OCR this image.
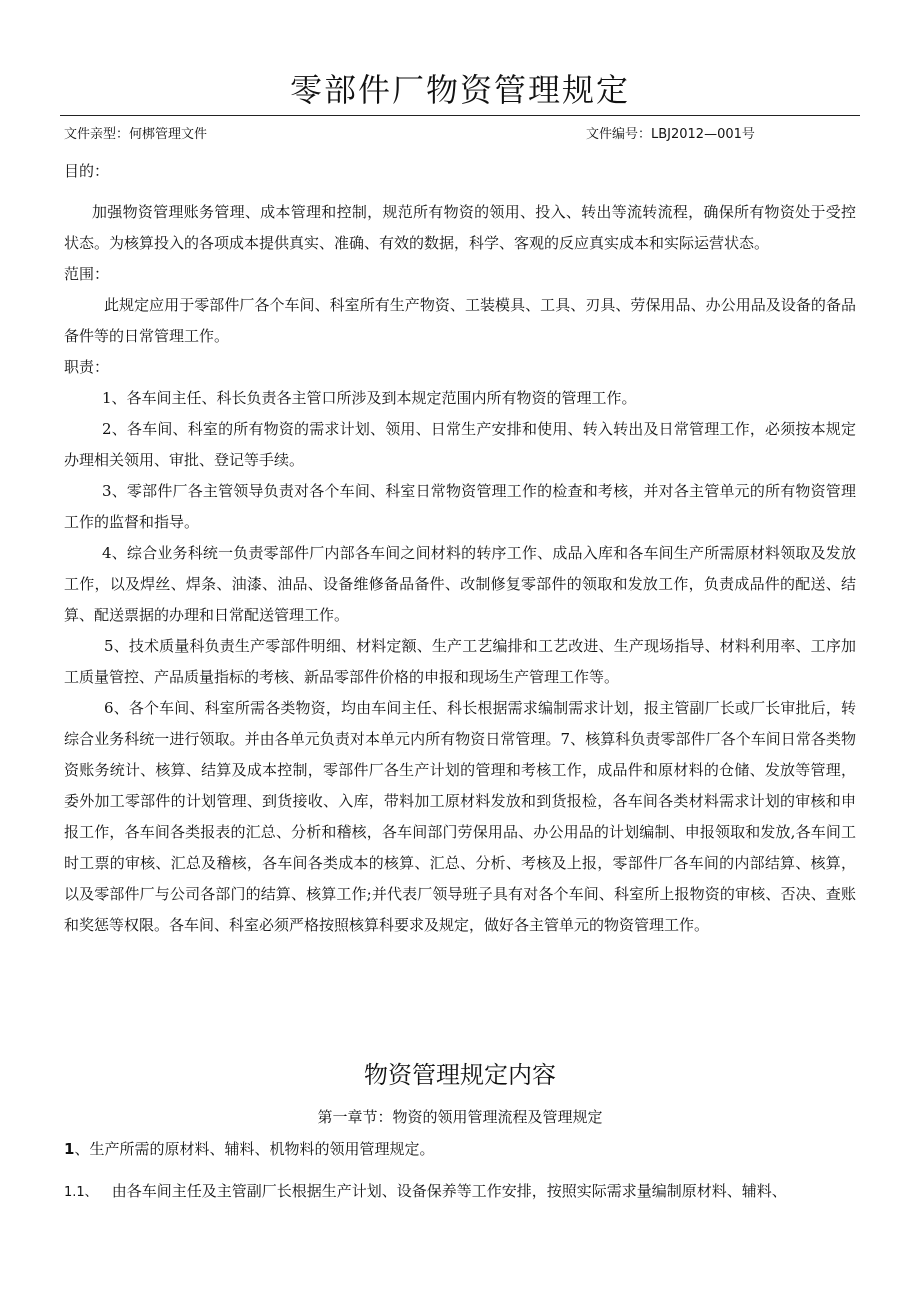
零部件厂物资管理规定
文件亲型：何梆管理文件	文件编号：LBJ2012—001号

目的：

加强物资管理账务管理、成本管理和控制，规范所有物资的领用、投入、转出等流转流程，确保所有物资处于受控状态。为核算投入的各项成本提供真实、准确、有效的数据，科学、客观的反应真实成本和实际运营状态。

范围：

此规定应用于零部件厂各个车间、科室所有生产物资、工装模具、工具、刃具、劳保用品、办公用品及设备的备品备件等的日常管理工作。

职责：

1、各车间主任、科长负责各主管口所涉及到本规定范围内所有物资的管理工作。

2、各车间、科室的所有物资的需求计划、领用、日常生产安排和使用、转入转出及日常管理工作，必须按本规定办理相关领用、审批、登记等手续。

3、零部件厂各主管领导负责对各个车间、科室日常物资管理工作的检查和考核，并对各主管单元的所有物资管理工作的监督和指导。

4、综合业务科统一负责零部件厂内部各车间之间材料的转序工作、成品入库和各车间生产所需原材料领取及发放工作，以及焊丝、焊条、油漆、油品、设备维修备品备件、改制修复零部件的领取和发放工作，负责成品件的配送、结算、配送票据的办理和日常配送管理工作。

5、技术质量科负责生产零部件明细、材料定额、生产工艺编排和工艺改进、生产现场指导、材料利用率、工序加工质量管控、产品质量指标的考核、新品零部件价格的申报和现场生产管理工作等。

6、各个车间、科室所需各类物资，均由车间主任、科长根据需求编制需求计划，报主管副厂长或厂长审批后，转综合业务科统一进行领取。并由各单元负责对本单元内所有物资日常管理。7、核算科负责零部件厂各个车间日常各类物资账务统计、核算、结算及成本控制，零部件厂各生产计划的管理和考核工作，成品件和原材料的仓储、发放等管理，委外加工零部件的计划管理、到货接收、入库，带料加工原材料发放和到货报检，各车间各类材料需求计划的审核和申报工作，各车间各类报表的汇总、分析和稽核，各车间部门劳保用品、办公用品的计划编制、申报领取和发放,各车间工时工票的审核、汇总及稽核，各车间各类成本的核算、汇总、分析、考核及上报，零部件厂各车间的内部结算、核算，以及零部件厂与公司各部门的结算、核算工作;并代表厂领导班子具有对各个车间、科室所上报物资的审核、否决、查账和奖惩等权限。各车间、科室必须严格按照核算科要求及规定，做好各主管单元的物资管理工作。

物资管理规定内容

第一章节：物资的领用管理流程及管理规定

1、生产所需的原材料、辅料、机物料的领用管理规定。

1.1、 由各车间主任及主管副厂长根据生产计划、设备保养等工作安排，按照实际需求量编制原材料、辅料、
